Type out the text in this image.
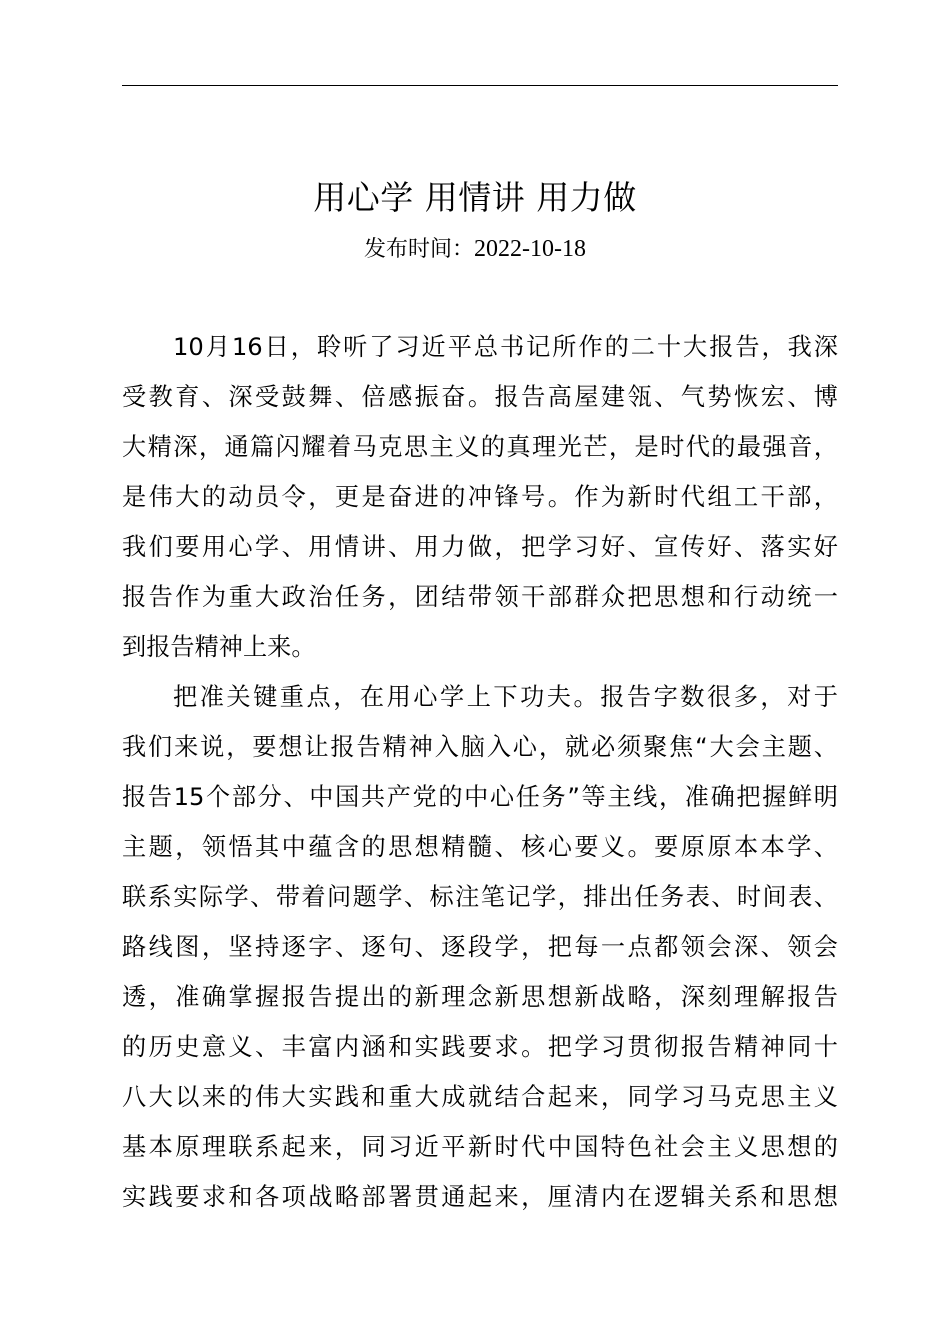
用心学 用情讲 用力做
发布时间：2022-10-18
10月16日，聆听了习近平总书记所作的二十大报告，我深
受教育、深受鼓舞、倍感振奋。报告高屋建瓴、气势恢宏、博
大精深，通篇闪耀着马克思主义的真理光芒，是时代的最强音，
是伟大的动员令，更是奋进的冲锋号。作为新时代组工干部，
我们要用心学、用情讲、用力做，把学习好、宣传好、落实好
报告作为重大政治任务，团结带领干部群众把思想和行动统一
到报告精神上来。
把准关键重点，在用心学上下功夫。报告字数很多，对于
我们来说，要想让报告精神入脑入心，就必须聚焦“大会主题、
报告15个部分、中国共产党的中心任务”等主线，准确把握鲜明
主题，领悟其中蕴含的思想精髓、核心要义。要原原本本学、
联系实际学、带着问题学、标注笔记学，排出任务表、时间表、
路线图，坚持逐字、逐句、逐段学，把每一点都领会深、领会
透，准确掌握报告提出的新理念新思想新战略，深刻理解报告
的历史意义、丰富内涵和实践要求。把学习贯彻报告精神同十
八大以来的伟大实践和重大成就结合起来，同学习马克思主义
基本原理联系起来，同习近平新时代中国特色社会主义思想的
实践要求和各项战略部署贯通起来，厘清内在逻辑关系和思想
